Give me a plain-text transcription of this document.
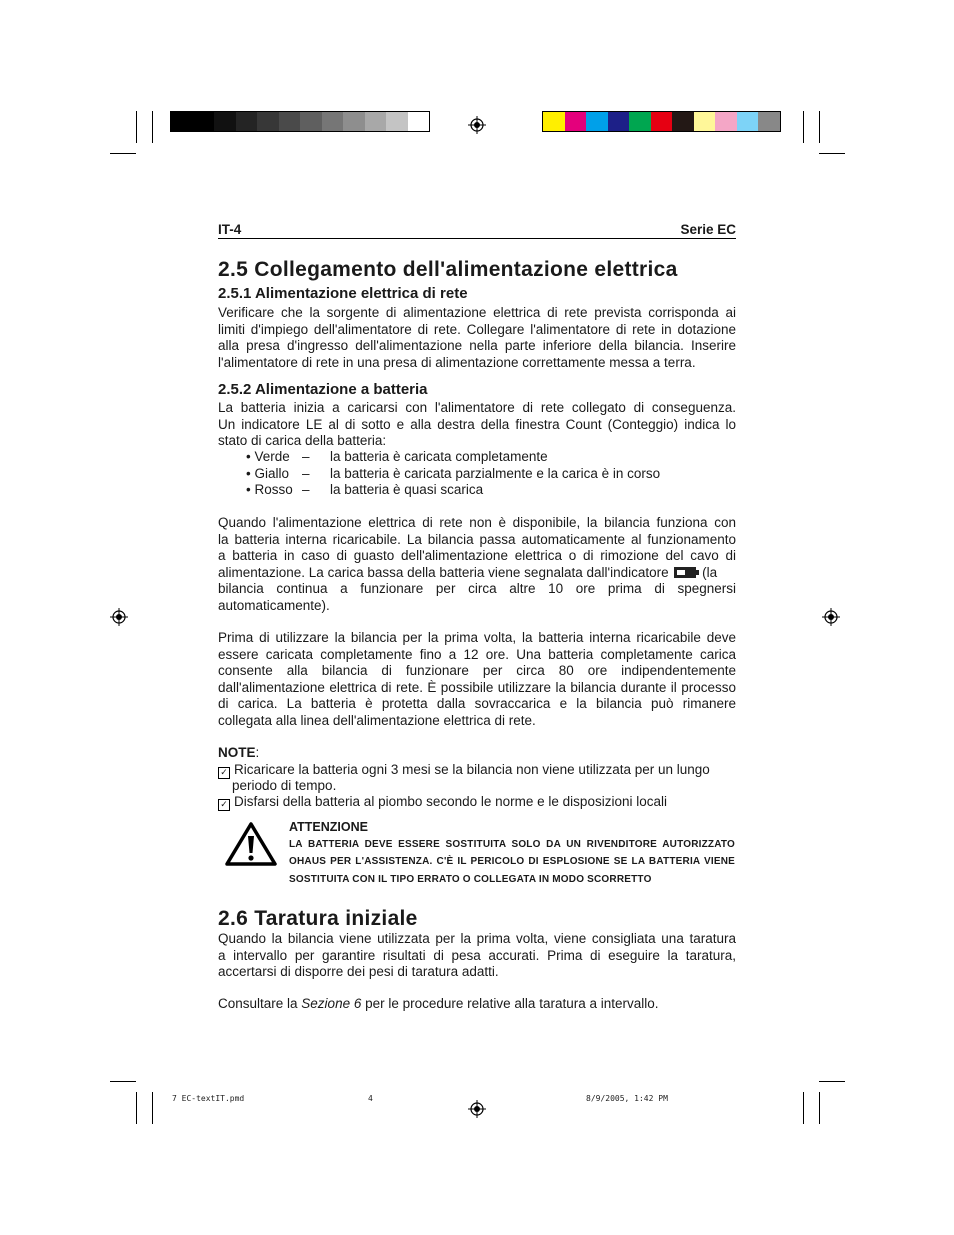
IT-4	Serie EC
2.5 Collegamento dell'alimentazione elettrica
2.5.1 Alimentazione elettrica di rete
Verificare che la sorgente di alimentazione elettrica di rete prevista corrisponda ai
limiti d'impiego dell'alimentatore di rete. Collegare l'alimentatore di rete in dotazione
alla presa d'ingresso dell'alimentazione nella parte inferiore della bilancia. Inserire
l'alimentatore di rete in una presa di alimentazione correttamente messa a terra.
2.5.2 Alimentazione a batteria
La batteria inizia a caricarsi con l'alimentatore di rete collegato di conseguenza.
Un indicatore LE al di sotto e alla destra della finestra Count (Conteggio) indica lo
stato di carica della batteria:
• Verde – la batteria è caricata completamente
• Giallo – la batteria è caricata parzialmente e la carica è in corso
• Rosso – la batteria è quasi scarica
Quando l'alimentazione elettrica di rete non è disponibile, la bilancia funziona con
la batteria interna ricaricabile. La bilancia passa automaticamente al funzionamento
a batteria in caso di guasto dell'alimentazione elettrica o di rimozione del cavo di
alimentazione. La carica bassa della batteria viene segnalata dall'indicatore (la
bilancia continua a funzionare per circa altre 10 ore prima di spegnersi
automaticamente).
Prima di utilizzare la bilancia per la prima volta, la batteria interna ricaricabile deve
essere caricata completamente fino a 12 ore. Una batteria completamente carica
consente alla bilancia di funzionare per circa 80 ore indipendentemente
dall'alimentazione elettrica di rete. È possibile utilizzare la bilancia durante il processo
di carica. La batteria è protetta dalla sovraccarica e la bilancia può rimanere
collegata alla linea dell'alimentazione elettrica di rete.
NOTE:
✓ Ricaricare la batteria ogni 3 mesi se la bilancia non viene utilizzata per un lungo
periodo di tempo.
✓ Disfarsi della batteria al piombo secondo le norme e le disposizioni locali
ATTENZIONE
LA BATTERIA DEVE ESSERE SOSTITUITA SOLO DA UN RIVENDITORE AUTORIZZATO
OHAUS PER L'ASSISTENZA. C'È IL PERICOLO DI ESPLOSIONE SE LA BATTERIA VIENE
SOSTITUITA CON IL TIPO ERRATO O COLLEGATA IN MODO SCORRETTO
2.6 Taratura iniziale
Quando la bilancia viene utilizzata per la prima volta, viene consigliata una taratura
a intervallo per garantire risultati di pesa accurati. Prima di eseguire la taratura,
accertarsi di disporre dei pesi di taratura adatti.
Consultare la Sezione 6 per le procedure relative alla taratura a intervallo.
7 EC-textIT.pmd	4	8/9/2005, 1:42 PM
